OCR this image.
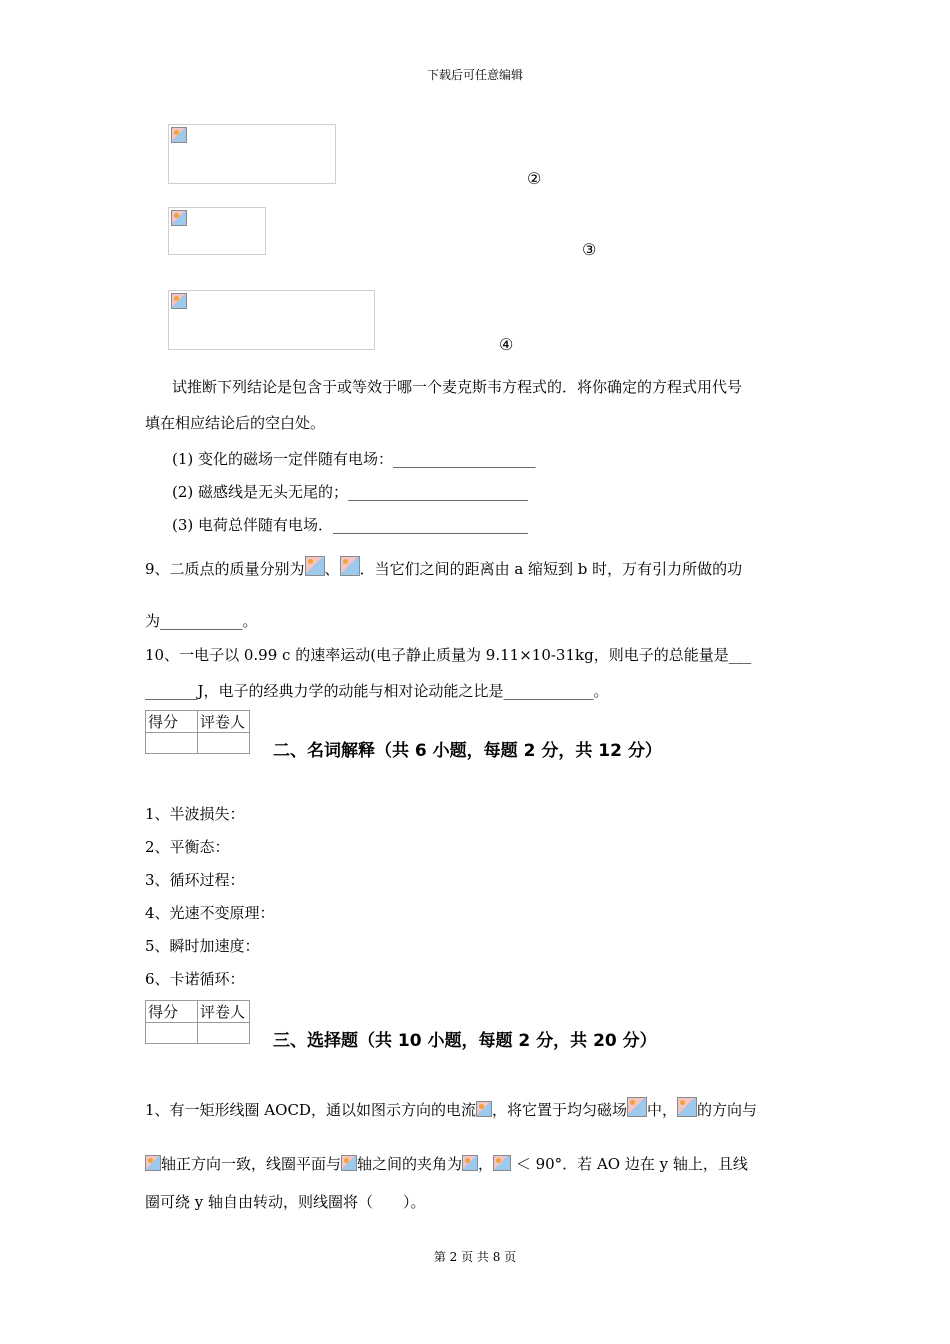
下载后可任意编辑
②
③
④
试推断下列结论是包含于或等效于哪一个麦克斯韦方程式的．将你确定的方程式用代号
填在相应结论后的空白处。
(1) 变化的磁场一定伴随有电场：___________________
(2) 磁感线是无头无尾的；________________________
(3) 电荷总伴随有电场．__________________________
9、二质点的质量分别为 、 ．当它们之间的距离由 a 缩短到 b 时，万有引力所做的功
为___________。
10、一电子以 0.99 c 的速率运动(电子静止质量为 9.11×10-31kg，则电子的总能量是___
_______J，电子的经典力学的动能与相对论动能之比是____________。
得分	评卷人

二、名词解释（共 6 小题，每题 2 分，共 12 分）
1、半波损失：
2、平衡态：
3、循环过程：
4、光速不变原理：
5、瞬时加速度：
6、卡诺循环：
得分	评卷人

三、选择题（共 10 小题，每题 2 分，共 20 分）
1、有一矩形线圈 AOCD，通以如图示方向的电流 ，将它置于均匀磁场 中， 的方向与
轴正方向一致，线圈平面与 轴之间的夹角为 ， ＜ 90°．若 AO 边在 y 轴上，且线
圈可绕 y 轴自由转动，则线圈将（　　）。
第 2 页 共 8 页
